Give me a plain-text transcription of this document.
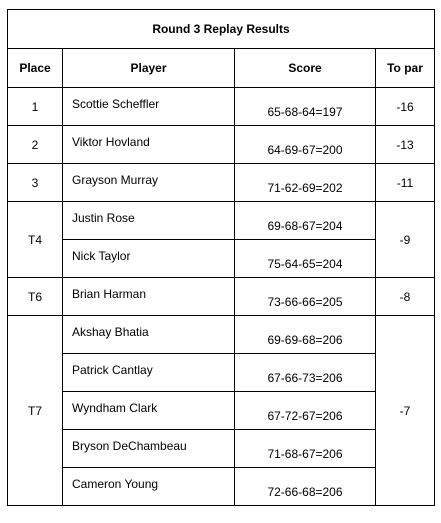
Round 3 Replay Results			
Place	Player	Score	To par
1	Scottie Scheffler	65-68-64=197	-16
2	Viktor Hovland	64-69-67=200	-13
3	Grayson Murray	71-62-69=202	-11
T4	Justin Rose	69-68-67=204	-9
	Nick Taylor	75-64-65=204	
T6	Brian Harman	73-66-66=205	-8
T7	Akshay Bhatia	69-69-68=206	-7
	Patrick Cantlay	67-66-73=206	
	Wyndham Clark	67-72-67=206	
	Bryson DeChambeau	71-68-67=206	
	Cameron Young	72-66-68=206	
